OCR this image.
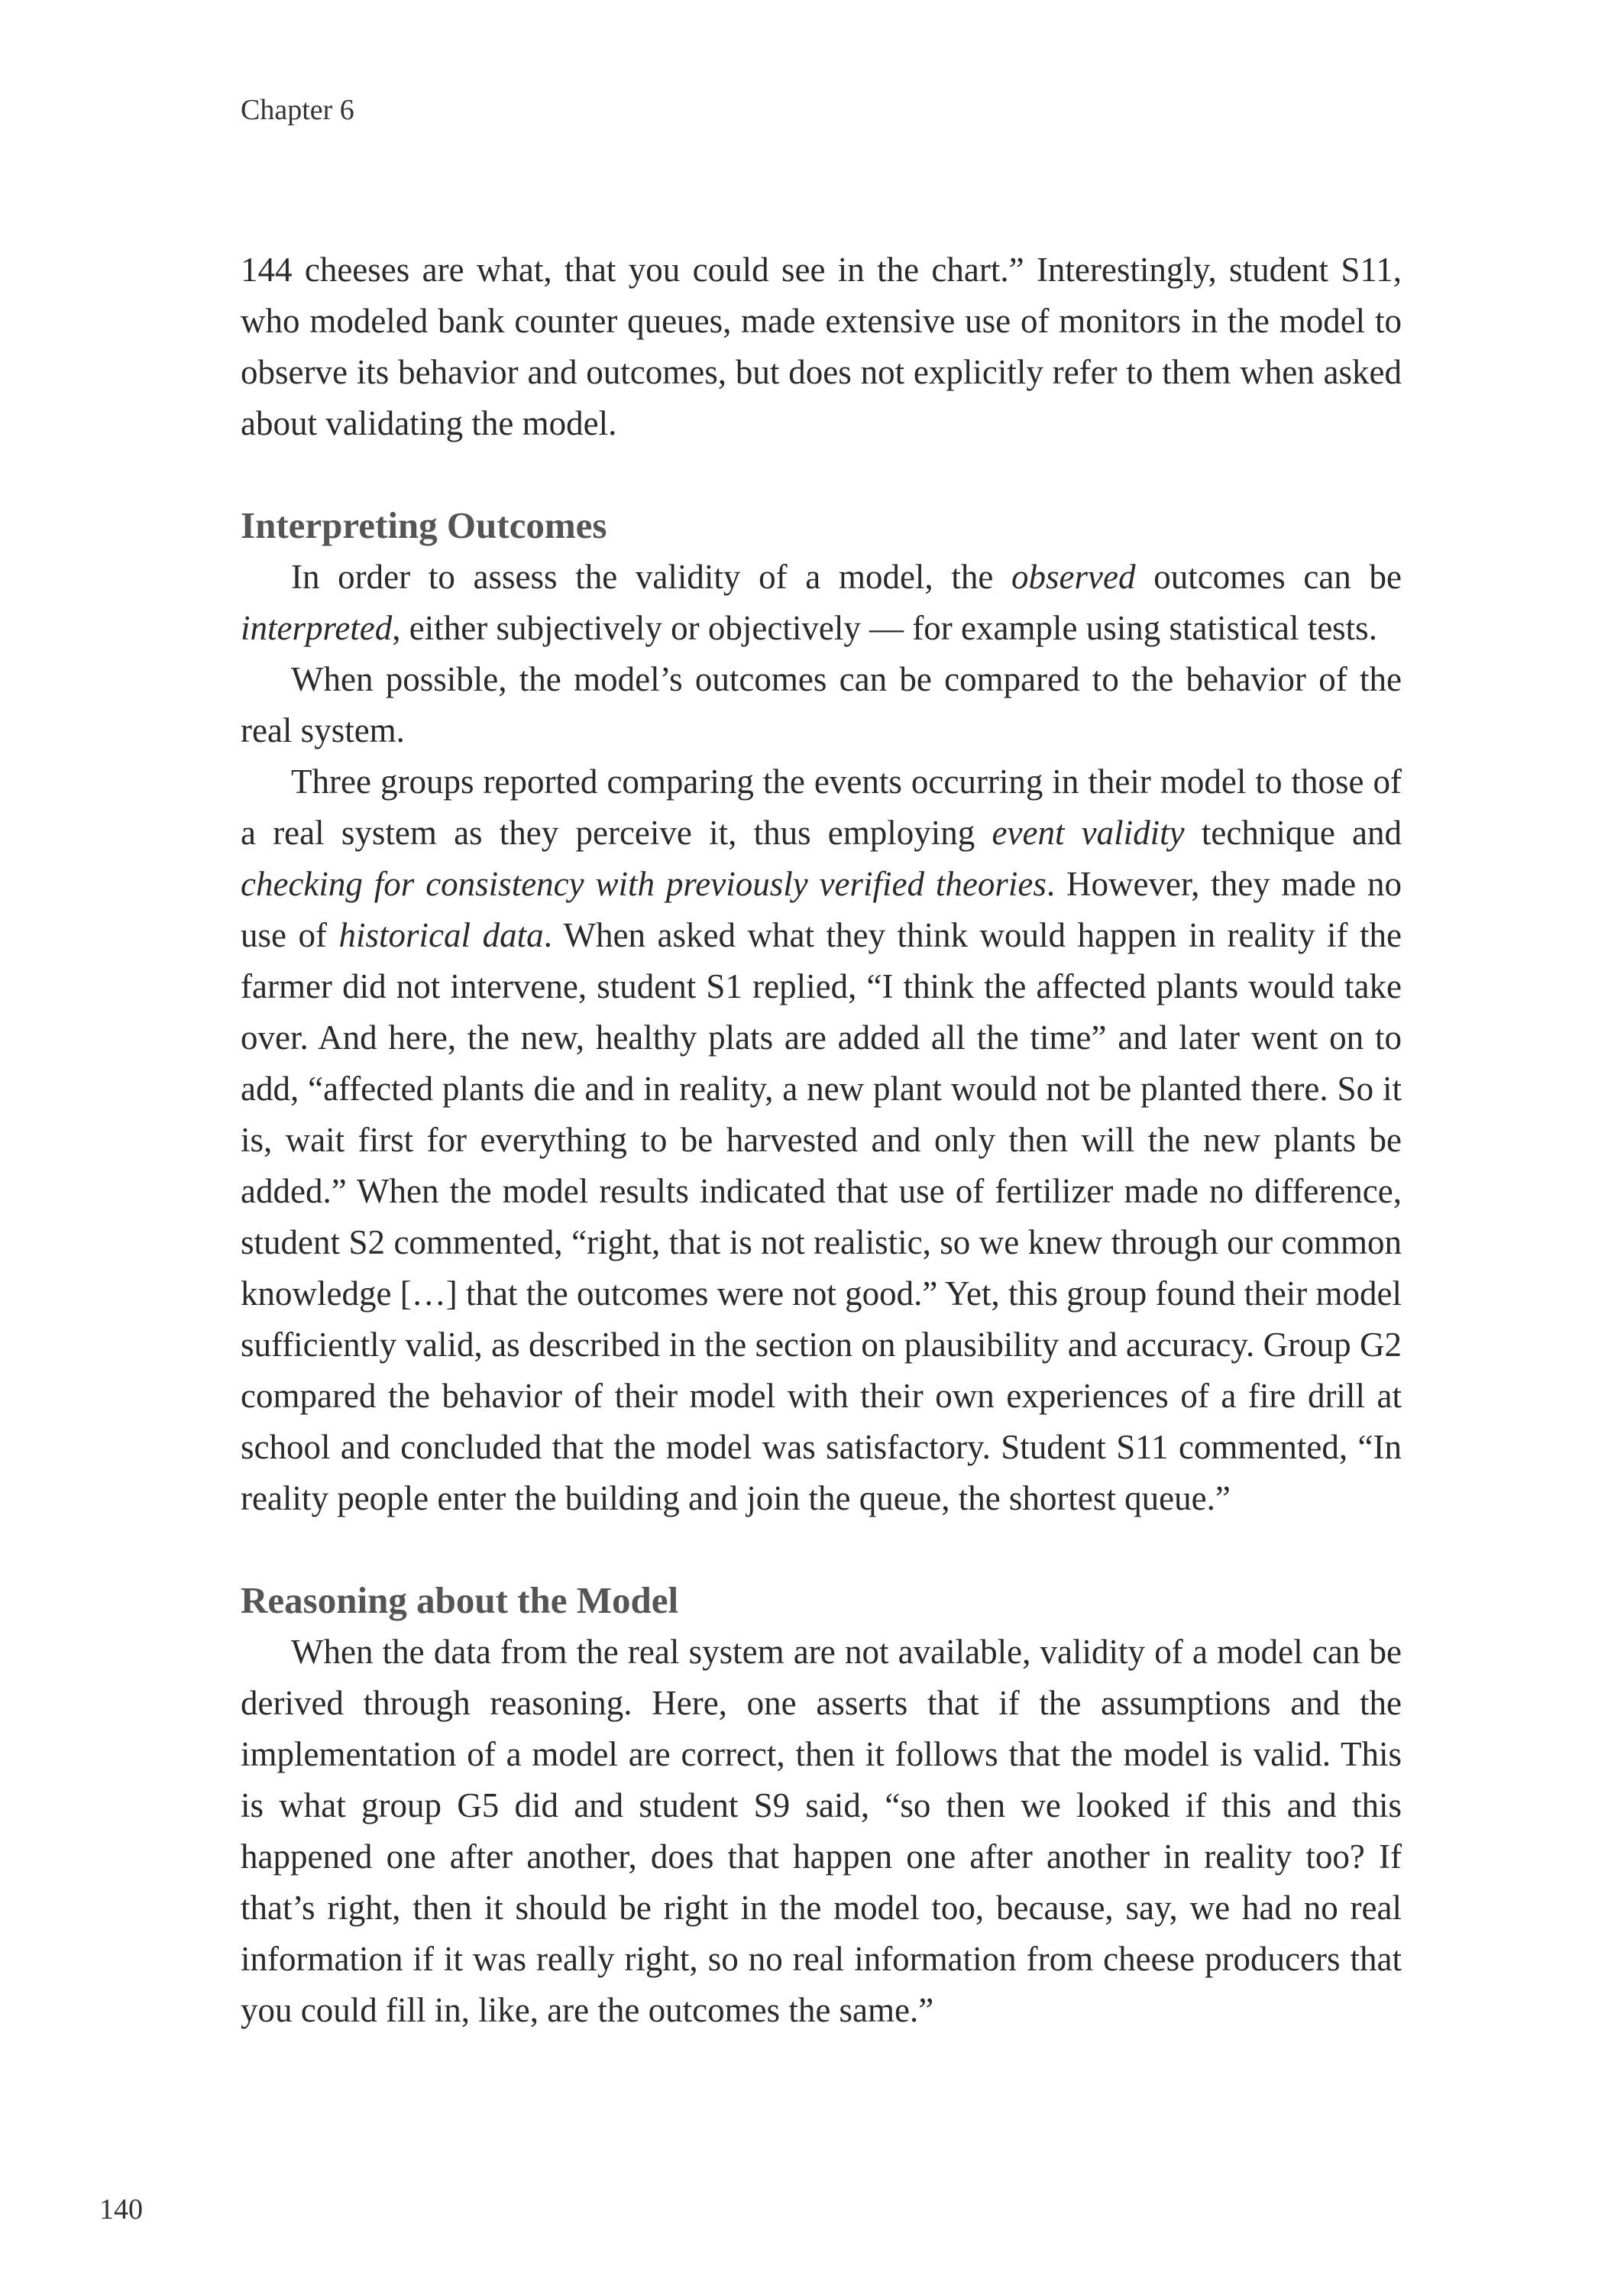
Chapter 6

144 cheeses are what, that you could see in the chart.” Interestingly, student S11, who modeled bank counter queues, made extensive use of monitors in the model to observe its behavior and outcomes, but does not explicitly refer to them when asked about validating the model.

Interpreting Outcomes

In order to assess the validity of a model, the observed outcomes can be interpreted, either subjectively or objectively — for example using statistical tests.

When possible, the model’s outcomes can be compared to the behavior of the real system.

Three groups reported comparing the events occurring in their model to those of a real system as they perceive it, thus employing event validity technique and checking for consistency with previously verified theories. However, they made no use of historical data. When asked what they think would happen in reality if the farmer did not intervene, student S1 replied, “I think the affected plants would take over. And here, the new, healthy plats are added all the time” and later went on to add, “affected plants die and in reality, a new plant would not be planted there. So it is, wait first for everything to be harvested and only then will the new plants be added.” When the model results indicated that use of fertilizer made no difference, student S2 commented, “right, that is not realistic, so we knew through our common knowledge […] that the outcomes were not good.” Yet, this group found their model sufficiently valid, as described in the section on plausibility and accuracy. Group G2 compared the behavior of their model with their own experiences of a fire drill at school and concluded that the model was satisfactory. Student S11 commented, “In reality people enter the building and join the queue, the shortest queue.”

Reasoning about the Model

When the data from the real system are not available, validity of a model can be derived through reasoning. Here, one asserts that if the assumptions and the implementation of a model are correct, then it follows that the model is valid. This is what group G5 did and student S9 said, “so then we looked if this and this happened one after another, does that happen one after another in reality too? If that’s right, then it should be right in the model too, because, say, we had no real information if it was really right, so no real information from cheese producers that you could fill in, like, are the outcomes the same.”

140
